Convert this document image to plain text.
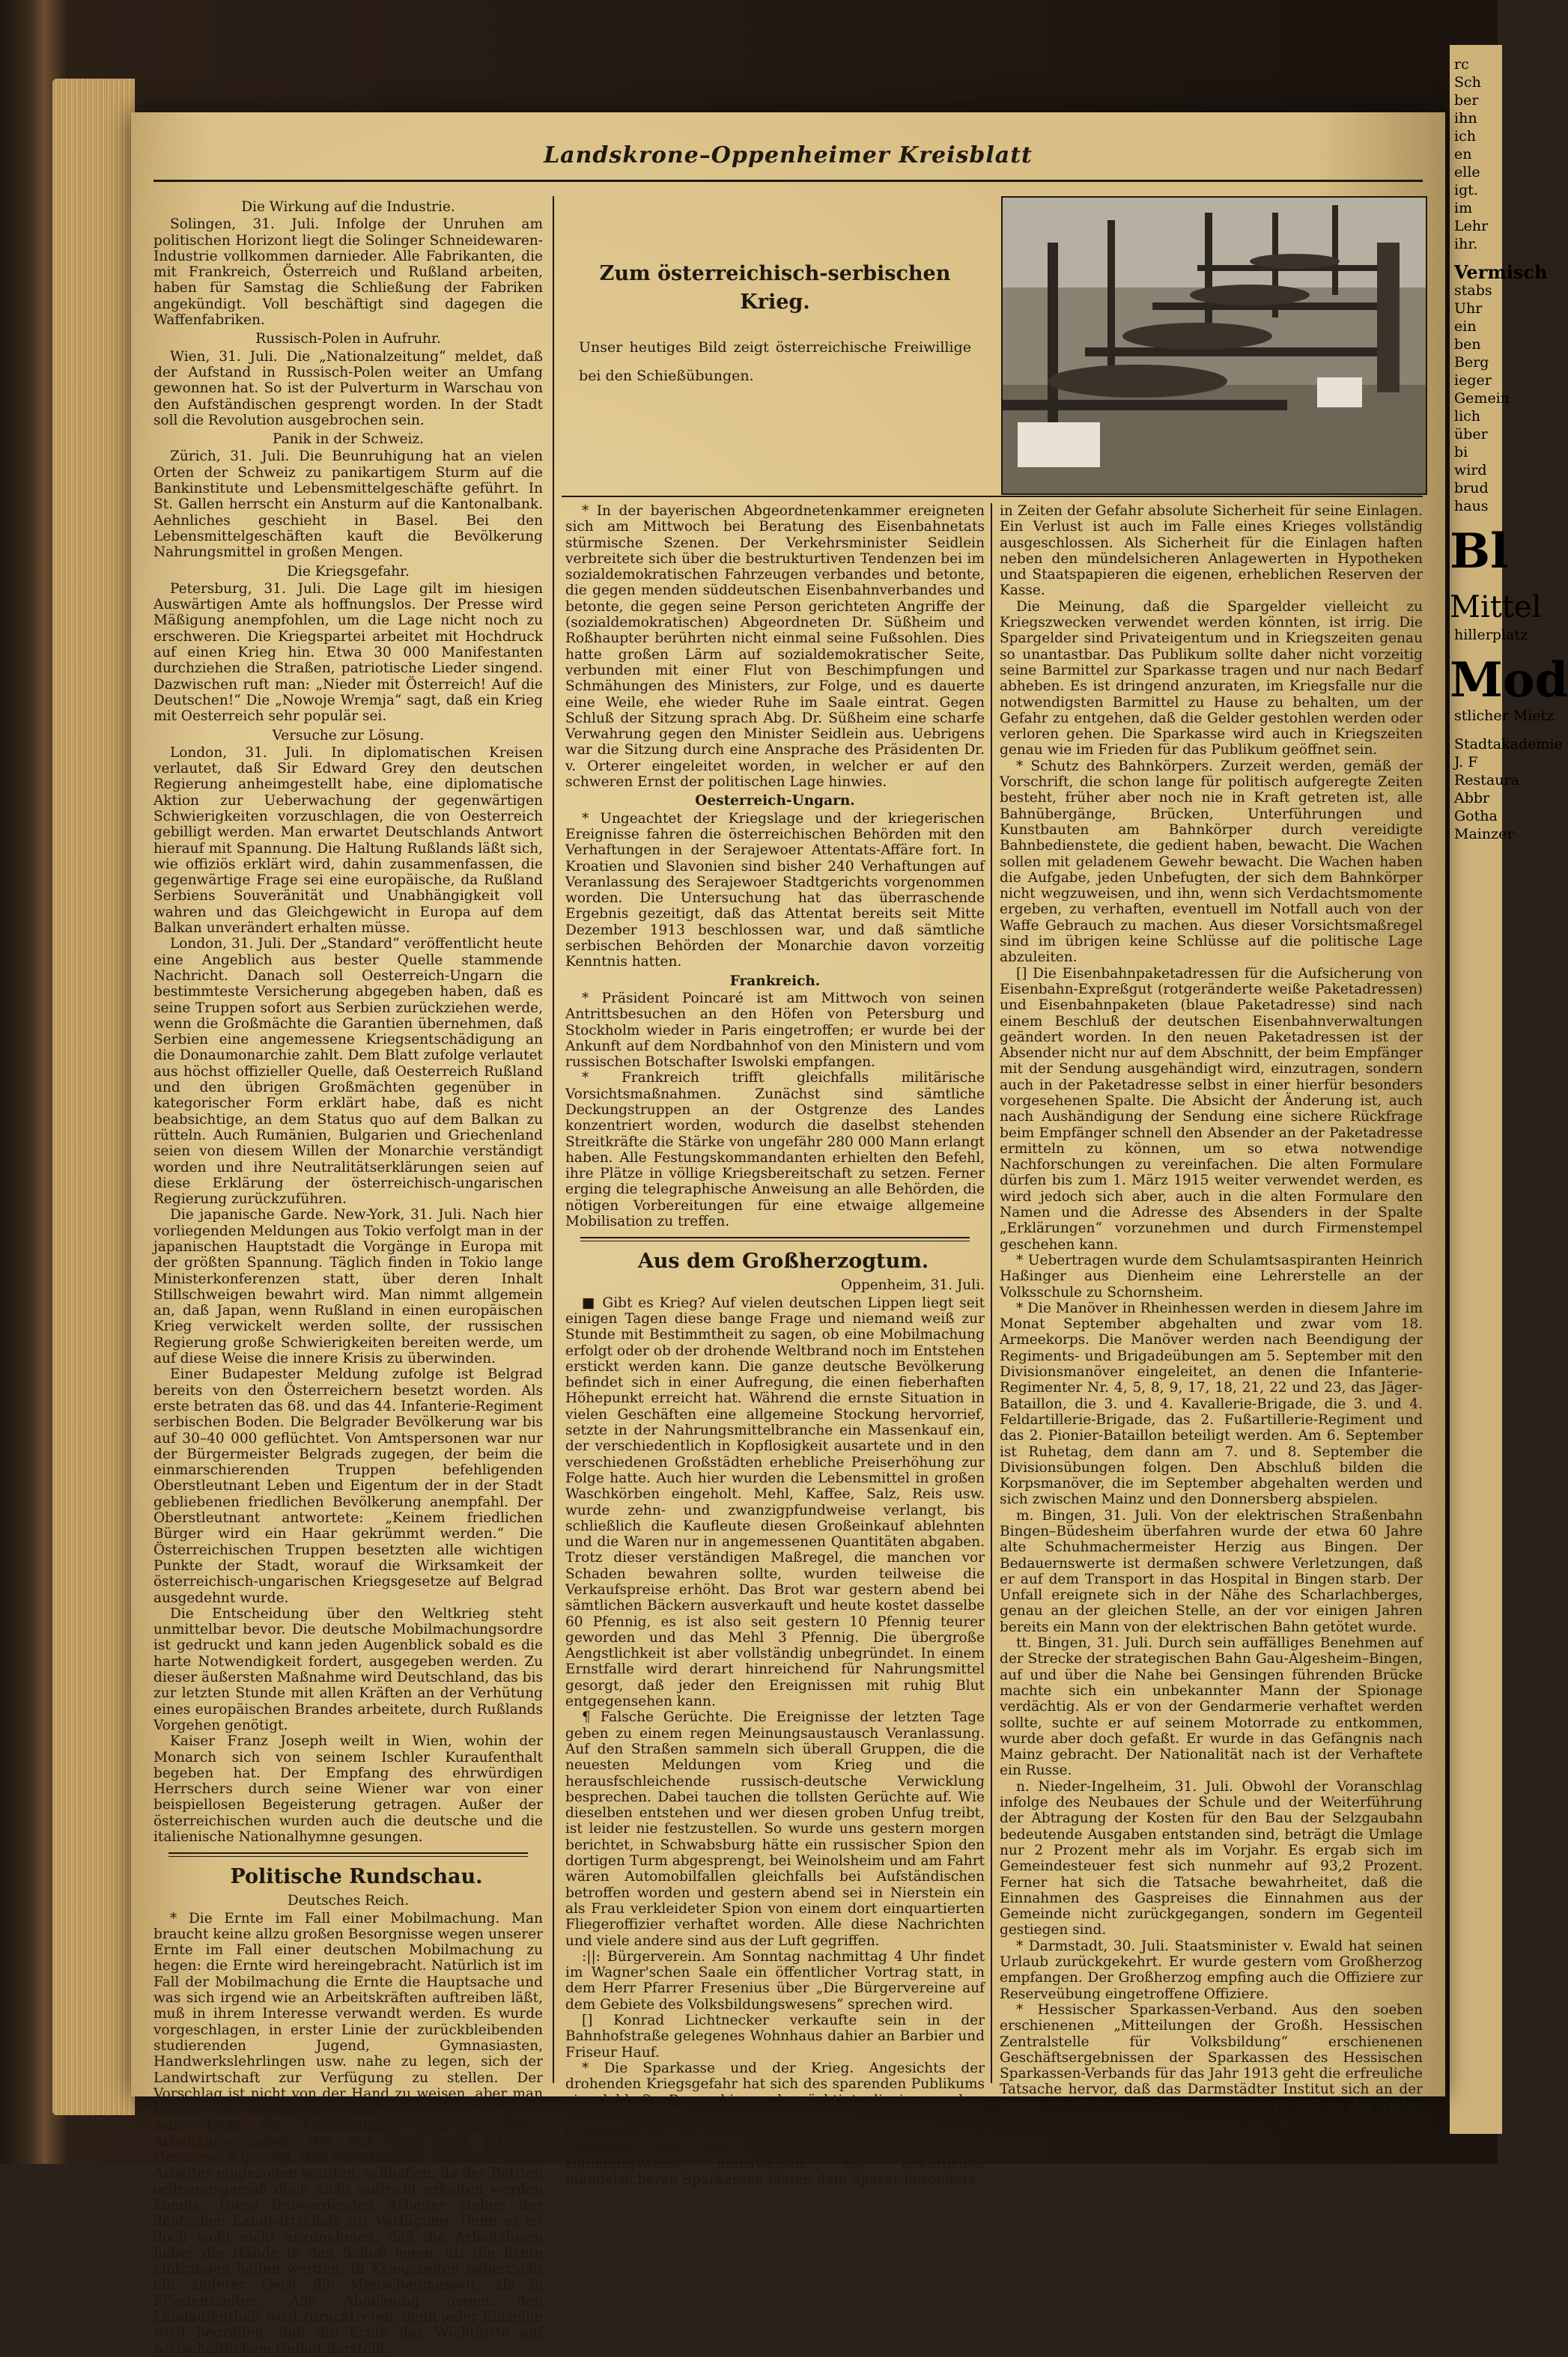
rc
Sch
ber
ihn
ich
en
elle
igt.
im
Lehr
ihr.
Vermisch
stabs
Uhr
ein
ben
Berg
ieger
Gemein
lich
über
bi
wird
brud
haus
Bl
Mittel
hillerplatz
Mod
stlicher Mietz
Stadtakademie
J. F
Restaura
Abbr
Gotha
Mainzer
Landskrone–Oppenheimer Kreisblatt

Die Wirkung auf die Industrie.

Solingen, 31. Juli. Infolge der Unruhen am politischen Horizont liegt die Solinger Schneidewaren-Industrie vollkommen darnieder. Alle Fabrikanten, die mit Frankreich, Österreich und Rußland arbeiten, haben für Samstag die Schließung der Fabriken angekündigt. Voll beschäftigt sind dagegen die Waffenfabriken.

Russisch-Polen in Aufruhr.

Wien, 31. Juli. Die „Nationalzeitung“ meldet, daß der Aufstand in Russisch-Polen weiter an Umfang gewonnen hat. So ist der Pulverturm in Warschau von den Aufständischen gesprengt worden. In der Stadt soll die Revolution ausgebrochen sein.

Panik in der Schweiz.

Zürich, 31. Juli. Die Beunruhigung hat an vielen Orten der Schweiz zu panikartigem Sturm auf die Bankinstitute und Lebensmittelgeschäfte geführt. In St. Gallen herrscht ein Ansturm auf die Kantonalbank. Aehnliches geschieht in Basel. Bei den Lebensmittelgeschäften kauft die Bevölkerung Nahrungsmittel in großen Mengen.

Die Kriegsgefahr.

Petersburg, 31. Juli. Die Lage gilt im hiesigen Auswärtigen Amte als hoffnungslos. Der Presse wird Mäßigung anempfohlen, um die Lage nicht noch zu erschweren. Die Kriegspartei arbeitet mit Hochdruck auf einen Krieg hin. Etwa 30 000 Manifestanten durchziehen die Straßen, patriotische Lieder singend. Dazwischen ruft man: „Nieder mit Österreich! Auf die Deutschen!“ Die „Nowoje Wremja“ sagt, daß ein Krieg mit Oesterreich sehr populär sei.

Versuche zur Lösung.

London, 31. Juli. In diplomatischen Kreisen verlautet, daß Sir Edward Grey den deutschen Regierung anheimgestellt habe, eine diplomatische Aktion zur Ueberwachung der gegenwärtigen Schwierigkeiten vorzuschlagen, die von Oesterreich gebilligt werden. Man erwartet Deutschlands Antwort hierauf mit Spannung. Die Haltung Rußlands läßt sich, wie offiziös erklärt wird, dahin zusammenfassen, die gegenwärtige Frage sei eine europäische, da Rußland Serbiens Souveränität und Unabhängigkeit voll wahren und das Gleichgewicht in Europa auf dem Balkan unverändert erhalten müsse.

London, 31. Juli. Der „Standard“ veröffentlicht heute eine Angeblich aus bester Quelle stammende Nachricht. Danach soll Oesterreich-Ungarn die bestimmteste Versicherung abgegeben haben, daß es seine Truppen sofort aus Serbien zurückziehen werde, wenn die Großmächte die Garantien übernehmen, daß Serbien eine angemessene Kriegsentschädigung an die Donaumonarchie zahlt. Dem Blatt zufolge verlautet aus höchst offizieller Quelle, daß Oesterreich Rußland und den übrigen Großmächten gegenüber in kategorischer Form erklärt habe, daß es nicht beabsichtige, an dem Status quo auf dem Balkan zu rütteln. Auch Rumänien, Bulgarien und Griechenland seien von diesem Willen der Monarchie verständigt worden und ihre Neutralitätserklärungen seien auf diese Erklärung der österreichisch-ungarischen Regierung zurückzuführen.

Die japanische Garde. New-York, 31. Juli. Nach hier vorliegenden Meldungen aus Tokio verfolgt man in der japanischen Hauptstadt die Vorgänge in Europa mit der größten Spannung. Täglich finden in Tokio lange Ministerkonferenzen statt, über deren Inhalt Stillschweigen bewahrt wird. Man nimmt allgemein an, daß Japan, wenn Rußland in einen europäischen Krieg verwickelt werden sollte, der russischen Regierung große Schwierigkeiten bereiten werde, um auf diese Weise die innere Krisis zu überwinden.

Einer Budapester Meldung zufolge ist Belgrad bereits von den Österreichern besetzt worden. Als erste betraten das 68. und das 44. Infanterie-Regiment serbischen Boden. Die Belgrader Bevölkerung war bis auf 30–40 000 geflüchtet. Von Amtspersonen war nur der Bürgermeister Belgrads zugegen, der beim die einmarschierenden Truppen befehligenden Oberstleutnant Leben und Eigentum der in der Stadt gebliebenen friedlichen Bevölkerung anempfahl. Der Oberstleutnant antwortete: „Keinem friedlichen Bürger wird ein Haar gekrümmt werden.“ Die Österreichischen Truppen besetzten alle wichtigen Punkte der Stadt, worauf die Wirksamkeit der österreichisch-ungarischen Kriegsgesetze auf Belgrad ausgedehnt wurde.

Die Entscheidung über den Weltkrieg steht unmittelbar bevor. Die deutsche Mobilmachungsordre ist gedruckt und kann jeden Augenblick sobald es die harte Notwendigkeit fordert, ausgegeben werden. Zu dieser äußersten Maßnahme wird Deutschland, das bis zur letzten Stunde mit allen Kräften an der Verhütung eines europäischen Brandes arbeitete, durch Rußlands Vorgehen genötigt.

Kaiser Franz Joseph weilt in Wien, wohin der Monarch sich von seinem Ischler Kuraufenthalt begeben hat. Der Empfang des ehrwürdigen Herrschers durch seine Wiener war von einer beispiellosen Begeisterung getragen. Außer der österreichischen wurden auch die deutsche und die italienische Nationalhymne gesungen.

Politische Rundschau.

Deutsches Reich.

* Die Ernte im Fall einer Mobilmachung. Man braucht keine allzu großen Besorgnisse wegen unserer Ernte im Fall einer deutschen Mobilmachung zu hegen: die Ernte wird hereingebracht. Natürlich ist im Fall der Mobilmachung die Ernte die Hauptsache und was sich irgend wie an Arbeitskräften auftreiben läßt, muß in ihrem Interesse verwandt werden. Es wurde vorgeschlagen, in erster Linie der zurückbleibenden studierenden Jugend, Gymnasiasten, Handwerkslehrlingen usw. nahe zu legen, sich der Landwirtschaft zur Verfügung zu stellen. Der Vorschlag ist nicht von der Hand zu weisen, aber man braucht um Arbeitskräfte nicht in zu großer Sorge zu sein. Trotz der Einziehungen wird es genug Arbeitslose geben. Hat sich doch auch jetzt in Oesterreich gezeigt, daß verschiedene Fabriken, deren Arbeiter eingezogen wurden, schließen, da der Betrieb ordnungsgemäß doch nicht aufrecht erhalten werden konnte. Diese freiwerdenden Arbeiter stehen der deutschen Landwirtschaft zur Verfügung. Denn es ist doch wohl nicht anzunehmen, daß die Arbeitslosen lieber die Hände in den Schoß legen, als die Ernte einbringen helfen werden. In Kriegszeiten beherrscht ein anderer Geist die Menschenmassen, als in Friedenszeiten. Alle Abneigung gegen den Landaufenthalt wird zurücktreten, denn jeder Einzelne wird begreifen, daß die Ernte das Wichtigste auf wirtschaftlichem Gebiet darstellt.

Zum österreichisch-serbischen
Krieg.
Unser heutiges Bild zeigt österreichische Freiwillige bei den Schießübungen.

* In der bayerischen Abgeordnetenkammer ereigneten sich am Mittwoch bei Beratung des Eisenbahnetats stürmische Szenen. Der Verkehrsminister Seidlein verbreitete sich über die bestrukturtiven Tendenzen bei im sozialdemokratischen Fahrzeugen verbandes und betonte, die gegen menden süddeutschen Eisenbahnverbandes und betonte, die gegen seine Person gerichteten Angriffe der (sozialdemokratischen) Abgeordneten Dr. Süßheim und Roßhaupter berührten nicht einmal seine Fußsohlen. Dies hatte großen Lärm auf sozialdemokratischer Seite, verbunden mit einer Flut von Beschimpfungen und Schmähungen des Ministers, zur Folge, und es dauerte eine Weile, ehe wieder Ruhe im Saale eintrat. Gegen Schluß der Sitzung sprach Abg. Dr. Süßheim eine scharfe Verwahrung gegen den Minister Seidlein aus. Uebrigens war die Sitzung durch eine Ansprache des Präsidenten Dr. v. Orterer eingeleitet worden, in welcher er auf den schweren Ernst der politischen Lage hinwies.

Oesterreich-Ungarn.

* Ungeachtet der Kriegslage und der kriegerischen Ereignisse fahren die österreichischen Behörden mit den Verhaftungen in der Serajewoer Attentats-Affäre fort. In Kroatien und Slavonien sind bisher 240 Verhaftungen auf Veranlassung des Serajewoer Stadtgerichts vorgenommen worden. Die Untersuchung hat das überraschende Ergebnis gezeitigt, daß das Attentat bereits seit Mitte Dezember 1913 beschlossen war, und daß sämtliche serbischen Behörden der Monarchie davon vorzeitig Kenntnis hatten.

Frankreich.

* Präsident Poincaré ist am Mittwoch von seinen Antrittsbesuchen an den Höfen von Petersburg und Stockholm wieder in Paris eingetroffen; er wurde bei der Ankunft auf dem Nordbahnhof von den Ministern und vom russischen Botschafter Iswolski empfangen.

* Frankreich trifft gleichfalls militärische Vorsichtsmaßnahmen. Zunächst sind sämtliche Deckungstruppen an der Ostgrenze des Landes konzentriert worden, wodurch die daselbst stehenden Streitkräfte die Stärke von ungefähr 280 000 Mann erlangt haben. Alle Festungskommandanten erhielten den Befehl, ihre Plätze in völlige Kriegsbereitschaft zu setzen. Ferner erging die telegraphische Anweisung an alle Behörden, die nötigen Vorbereitungen für eine etwaige allgemeine Mobilisation zu treffen.

Aus dem Großherzogtum.

Oppenheim, 31. Juli.

■ Gibt es Krieg? Auf vielen deutschen Lippen liegt seit einigen Tagen diese bange Frage und niemand weiß zur Stunde mit Bestimmtheit zu sagen, ob eine Mobilmachung erfolgt oder ob der drohende Weltbrand noch im Entstehen erstickt werden kann. Die ganze deutsche Bevölkerung befindet sich in einer Aufregung, die einen fieberhaften Höhepunkt erreicht hat. Während die ernste Situation in vielen Geschäften eine allgemeine Stockung hervorrief, setzte in der Nahrungsmittelbranche ein Massenkauf ein, der verschiedentlich in Kopflosigkeit ausartete und in den verschiedenen Großstädten erhebliche Preiserhöhung zur Folge hatte. Auch hier wurden die Lebensmittel in großen Waschkörben eingeholt. Mehl, Kaffee, Salz, Reis usw. wurde zehn- und zwanzigpfundweise verlangt, bis schließlich die Kaufleute diesen Großeinkauf ablehnten und die Waren nur in angemessenen Quantitäten abgaben. Trotz dieser verständigen Maßregel, die manchen vor Schaden bewahren sollte, wurden teilweise die Verkaufspreise erhöht. Das Brot war gestern abend bei sämtlichen Bäckern ausverkauft und heute kostet dasselbe 60 Pfennig, es ist also seit gestern 10 Pfennig teurer geworden und das Mehl 3 Pfennig. Die übergroße Aengstlichkeit ist aber vollständig unbegründet. In einem Ernstfalle wird derart hinreichend für Nahrungsmittel gesorgt, daß jeder den Ereignissen mit ruhig Blut entgegensehen kann.

¶ Falsche Gerüchte. Die Ereignisse der letzten Tage geben zu einem regen Meinungsaustausch Veranlassung. Auf den Straßen sammeln sich überall Gruppen, die die neuesten Meldungen vom Krieg und die herausfschleichende russisch-deutsche Verwicklung besprechen. Dabei tauchen die tollsten Gerüchte auf. Wie dieselben entstehen und wer diesen groben Unfug treibt, ist leider nie festzustellen. So wurde uns gestern morgen berichtet, in Schwabsburg hätte ein russischer Spion den dortigen Turm abgesprengt, bei Weinolsheim und am Fahrt wären Automobilfallen gleichfalls bei Aufständischen betroffen worden und gestern abend sei in Nierstein ein als Frau verkleideter Spion von einem dort einquartierten Fliegeroffizier verhaftet worden. Alle diese Nachrichten und viele andere sind aus der Luft gegriffen.

:||: Bürgerverein. Am Sonntag nachmittag 4 Uhr findet im Wagner'schen Saale ein öffentlicher Vortrag statt, in dem Herr Pfarrer Fresenius über „Die Bürgervereine auf dem Gebiete des Volksbildungswesens“ sprechen wird.

[] Konrad Lichtnecker verkaufte sein in der Bahnhofstraße gelegenes Wohnhaus dahier an Barbier und Friseur Hauf.

* Die Sparkasse und der Krieg. Angesichts der drohenden Kriegsgefahr hat sich des sparenden Publikums eine lebhafte Beunruhigung bemächtigt, die in manchen Städten in einem Ansturm auf die Sparkasse zum Ausdruck gekommen ist. Es erscheint daher dringend geboten, das Publikum auf das Unbesonnene einer solchen Handlungsweise hinzuweisen. Die öffentlichen mündelsicheren Sparkassen bieten dem Sparer besonders

in Zeiten der Gefahr absolute Sicherheit für seine Einlagen. Ein Verlust ist auch im Falle eines Krieges vollständig ausgeschlossen. Als Sicherheit für die Einlagen haften neben den mündelsicheren Anlagewerten in Hypotheken und Staatspapieren die eigenen, erheblichen Reserven der Kasse.

Die Meinung, daß die Spargelder vielleicht zu Kriegszwecken verwendet werden könnten, ist irrig. Die Spargelder sind Privateigentum und in Kriegszeiten genau so unantastbar. Das Publikum sollte daher nicht vorzeitig seine Barmittel zur Sparkasse tragen und nur nach Bedarf abheben. Es ist dringend anzuraten, im Kriegsfalle nur die notwendigsten Barmittel zu Hause zu behalten, um der Gefahr zu entgehen, daß die Gelder gestohlen werden oder verloren gehen. Die Sparkasse wird auch in Kriegszeiten genau wie im Frieden für das Publikum geöffnet sein.

* Schutz des Bahnkörpers. Zurzeit werden, gemäß der Vorschrift, die schon lange für politisch aufgeregte Zeiten besteht, früher aber noch nie in Kraft getreten ist, alle Bahnübergänge, Brücken, Unterführungen und Kunstbauten am Bahnkörper durch vereidigte Bahnbedienstete, die gedient haben, bewacht. Die Wachen sollen mit geladenem Gewehr bewacht. Die Wachen haben die Aufgabe, jeden Unbefugten, der sich dem Bahnkörper nicht wegzuweisen, und ihn, wenn sich Verdachtsmomente ergeben, zu verhaften, eventuell im Notfall auch von der Waffe Gebrauch zu machen. Aus dieser Vorsichtsmaßregel sind im übrigen keine Schlüsse auf die politische Lage abzuleiten.

[] Die Eisenbahnpaketadressen für die Aufsicherung von Eisenbahn-Expreßgut (rotgeränderte weiße Paketadressen) und Eisenbahnpaketen (blaue Paketadresse) sind nach einem Beschluß der deutschen Eisenbahnverwaltungen geändert worden. In den neuen Paketadressen ist der Absender nicht nur auf dem Abschnitt, der beim Empfänger mit der Sendung ausgehändigt wird, einzutragen, sondern auch in der Paketadresse selbst in einer hierfür besonders vorgesehenen Spalte. Die Absicht der Änderung ist, auch nach Aushändigung der Sendung eine sichere Rückfrage beim Empfänger schnell den Absender an der Paketadresse ermitteln zu können, um so etwa notwendige Nachforschungen zu vereinfachen. Die alten Formulare dürfen bis zum 1. März 1915 weiter verwendet werden, es wird jedoch sich aber, auch in die alten Formulare den Namen und die Adresse des Absenders in der Spalte „Erklärungen“ vorzunehmen und durch Firmenstempel geschehen kann.

* Uebertragen wurde dem Schulamtsaspiranten Heinrich Haßinger aus Dienheim eine Lehrerstelle an der Volksschule zu Schornsheim.

* Die Manöver in Rheinhessen werden in diesem Jahre im Monat September abgehalten und zwar vom 18. Armeekorps. Die Manöver werden nach Beendigung der Regiments- und Brigadeübungen am 5. September mit den Divisionsmanöver eingeleitet, an denen die Infanterie-Regimenter Nr. 4, 5, 8, 9, 17, 18, 21, 22 und 23, das Jäger-Bataillon, die 3. und 4. Kavallerie-Brigade, die 3. und 4. Feldartillerie-Brigade, das 2. Fußartillerie-Regiment und das 2. Pionier-Bataillon beteiligt werden. Am 6. September ist Ruhetag, dem dann am 7. und 8. September die Divisionsübungen folgen. Den Abschluß bilden die Korpsmanöver, die im September abgehalten werden und sich zwischen Mainz und den Donnersberg abspielen.

m. Bingen, 31. Juli. Von der elektrischen Straßenbahn Bingen–Büdesheim überfahren wurde der etwa 60 Jahre alte Schuhmachermeister Herzig aus Bingen. Der Bedauernswerte ist dermaßen schwere Verletzungen, daß er auf dem Transport in das Hospital in Bingen starb. Der Unfall ereignete sich in der Nähe des Scharlachberges, genau an der gleichen Stelle, an der vor einigen Jahren bereits ein Mann von der elektrischen Bahn getötet wurde.

tt. Bingen, 31. Juli. Durch sein auffälliges Benehmen auf der Strecke der strategischen Bahn Gau-Algesheim–Bingen, auf und über die Nahe bei Gensingen führenden Brücke machte sich ein unbekannter Mann der Spionage verdächtig. Als er von der Gendarmerie verhaftet werden sollte, suchte er auf seinem Motorrade zu entkommen, wurde aber doch gefaßt. Er wurde in das Gefängnis nach Mainz gebracht. Der Nationalität nach ist der Verhaftete ein Russe.

n. Nieder-Ingelheim, 31. Juli. Obwohl der Voranschlag infolge des Neubaues der Schule und der Weiterführung der Abtragung der Kosten für den Bau der Selzgaubahn bedeutende Ausgaben entstanden sind, beträgt die Umlage nur 2 Prozent mehr als im Vorjahr. Es ergab sich im Gemeindesteuer fest sich nunmehr auf 93,2 Prozent. Ferner hat sich die Tatsache bewahrheitet, daß die Einnahmen des Gaspreises die Einnahmen aus der Gemeinde nicht zurückgegangen, sondern im Gegenteil gestiegen sind.

* Darmstadt, 30. Juli. Staatsminister v. Ewald hat seinen Urlaub zurückgekehrt. Er wurde gestern vom Großherzog empfangen. Der Großherzog empfing auch die Offiziere zur Reserveübung eingetroffene Offiziere.

* Hessischer Sparkassen-Verband. Aus den soeben erschienenen „Mitteilungen der Großh. Hessischen Zentralstelle für Volksbildung“ erschienenen Geschäftsergebnissen der Sparkassen des Hessischen Sparkassen-Verbands für das Jahr 1913 geht die erfreuliche Tatsache hervor, daß das Darmstädter Institut sich an der Spitze steht, die der Sparbücher mit 49 406 an der Spitze steht. Der Betrag der Sparanlagen mit 46 254 583 Mark.
